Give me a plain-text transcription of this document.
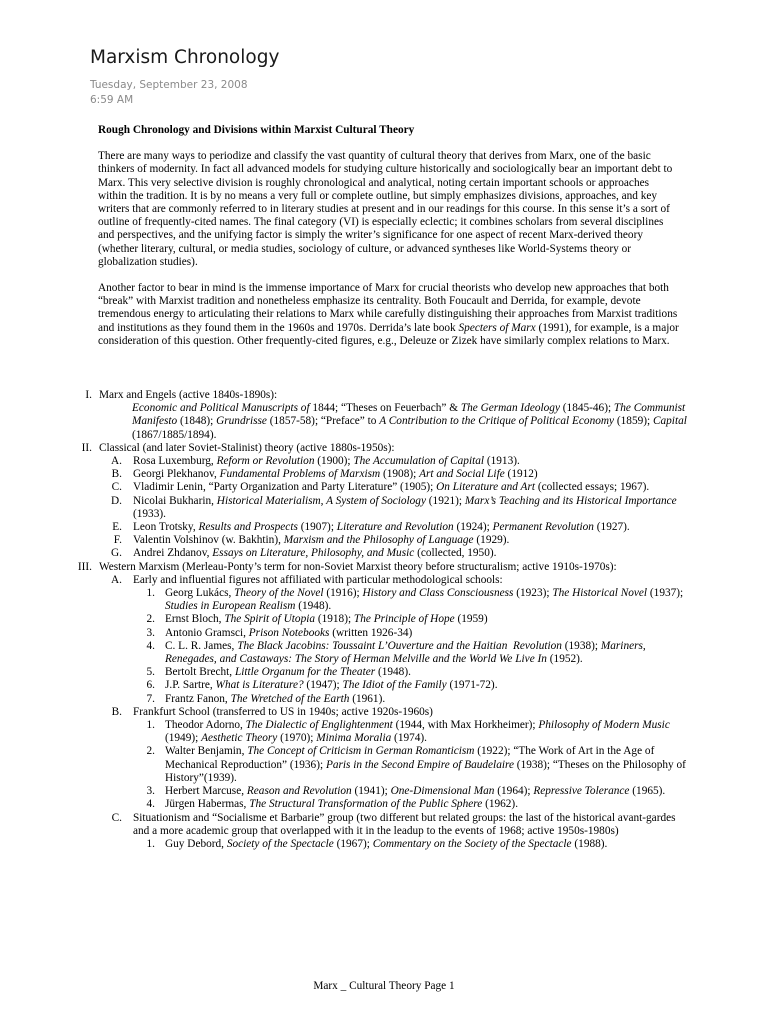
Marxism Chronology
Tuesday, September 23, 2008
6:59 AM

Rough Chronology and Divisions within Marxist Cultural Theory

There are many ways to periodize and classify the vast quantity of cultural theory that derives from Marx, one of the basic thinkers of modernity. In fact all advanced models for studying culture historically and sociologically bear an important debt to Marx. This very selective division is roughly chronological and analytical, noting certain important schools or approaches within the tradition. It is by no means a very full or complete outline, but simply emphasizes divisions, approaches, and key writers that are commonly referred to in literary studies at present and in our readings for this course. In this sense it’s a sort of outline of frequently-cited names. The final category (VI) is especially eclectic; it combines scholars from several disciplines and perspectives, and the unifying factor is simply the writer’s significance for one aspect of recent Marx-derived theory (whether literary, cultural, or media studies, sociology of culture, or advanced syntheses like World-Systems theory or globalization studies).

Another factor to bear in mind is the immense importance of Marx for crucial theorists who develop new approaches that both “break” with Marxist tradition and nonetheless emphasize its centrality. Both Foucault and Derrida, for example, devote tremendous energy to articulating their relations to Marx while carefully distinguishing their approaches from Marxist traditions and institutions as they found them in the 1960s and 1970s. Derrida’s late book Specters of Marx (1991), for example, is a major consideration of this question. Other frequently-cited figures, e.g., Deleuze or Zizek have similarly complex relations to Marx.

I. Marx and Engels (active 1840s-1890s):
Economic and Political Manuscripts of 1844; “Theses on Feuerbach” & The German Ideology (1845-46); The Communist Manifesto (1848); Grundrisse (1857-58); “Preface” to A Contribution to the Critique of Political Economy (1859); Capital (1867/1885/1894).
II. Classical (and later Soviet-Stalinist) theory (active 1880s-1950s):
A. Rosa Luxemburg, Reform or Revolution (1900); The Accumulation of Capital (1913).
B. Georgi Plekhanov, Fundamental Problems of Marxism (1908); Art and Social Life (1912)
C. Vladimir Lenin, “Party Organization and Party Literature” (1905); On Literature and Art (collected essays; 1967).
D. Nicolai Bukharin, Historical Materialism, A System of Sociology (1921); Marx’s Teaching and its Historical Importance (1933).
E. Leon Trotsky, Results and Prospects (1907); Literature and Revolution (1924); Permanent Revolution (1927).
F. Valentin Volshinov (w. Bakhtin), Marxism and the Philosophy of Language (1929).
G. Andrei Zhdanov, Essays on Literature, Philosophy, and Music (collected, 1950).
III. Western Marxism (Merleau-Ponty’s term for non-Soviet Marxist theory before structuralism; active 1910s-1970s):
A. Early and influential figures not affiliated with particular methodological schools:
1. Georg Lukács, Theory of the Novel (1916); History and Class Consciousness (1923); The Historical Novel (1937); Studies in European Realism (1948).
2. Ernst Bloch, The Spirit of Utopia (1918); The Principle of Hope (1959)
3. Antonio Gramsci, Prison Notebooks (written 1926-34)
4. C. L. R. James, The Black Jacobins: Toussaint L’Ouverture and the Haitian  Revolution (1938); Mariners, Renegades, and Castaways: The Story of Herman Melville and the World We Live In (1952).
5. Bertolt Brecht, Little Organum for the Theater (1948).
6. J.P. Sartre, What is Literature? (1947); The Idiot of the Family (1971-72).
7. Frantz Fanon, The Wretched of the Earth (1961).
B. Frankfurt School (transferred to US in 1940s; active 1920s-1960s)
1. Theodor Adorno, The Dialectic of Englightenment (1944, with Max Horkheimer); Philosophy of Modern Music (1949); Aesthetic Theory (1970); Minima Moralia (1974).
2. Walter Benjamin, The Concept of Criticism in German Romanticism (1922); “The Work of Art in the Age of Mechanical Reproduction” (1936); Paris in the Second Empire of Baudelaire (1938); “Theses on the Philosophy of History”(1939).
3. Herbert Marcuse, Reason and Revolution (1941); One-Dimensional Man (1964); Repressive Tolerance (1965).
4. Jürgen Habermas, The Structural Transformation of the Public Sphere (1962).
C. Situationism and “Socialisme et Barbarie” group (two different but related groups: the last of the historical avant-gardes and a more academic group that overlapped with it in the leadup to the events of 1968; active 1950s-1980s)
1. Guy Debord, Society of the Spectacle (1967); Commentary on the Society of the Spectacle (1988).
Marx _ Cultural Theory Page 1
